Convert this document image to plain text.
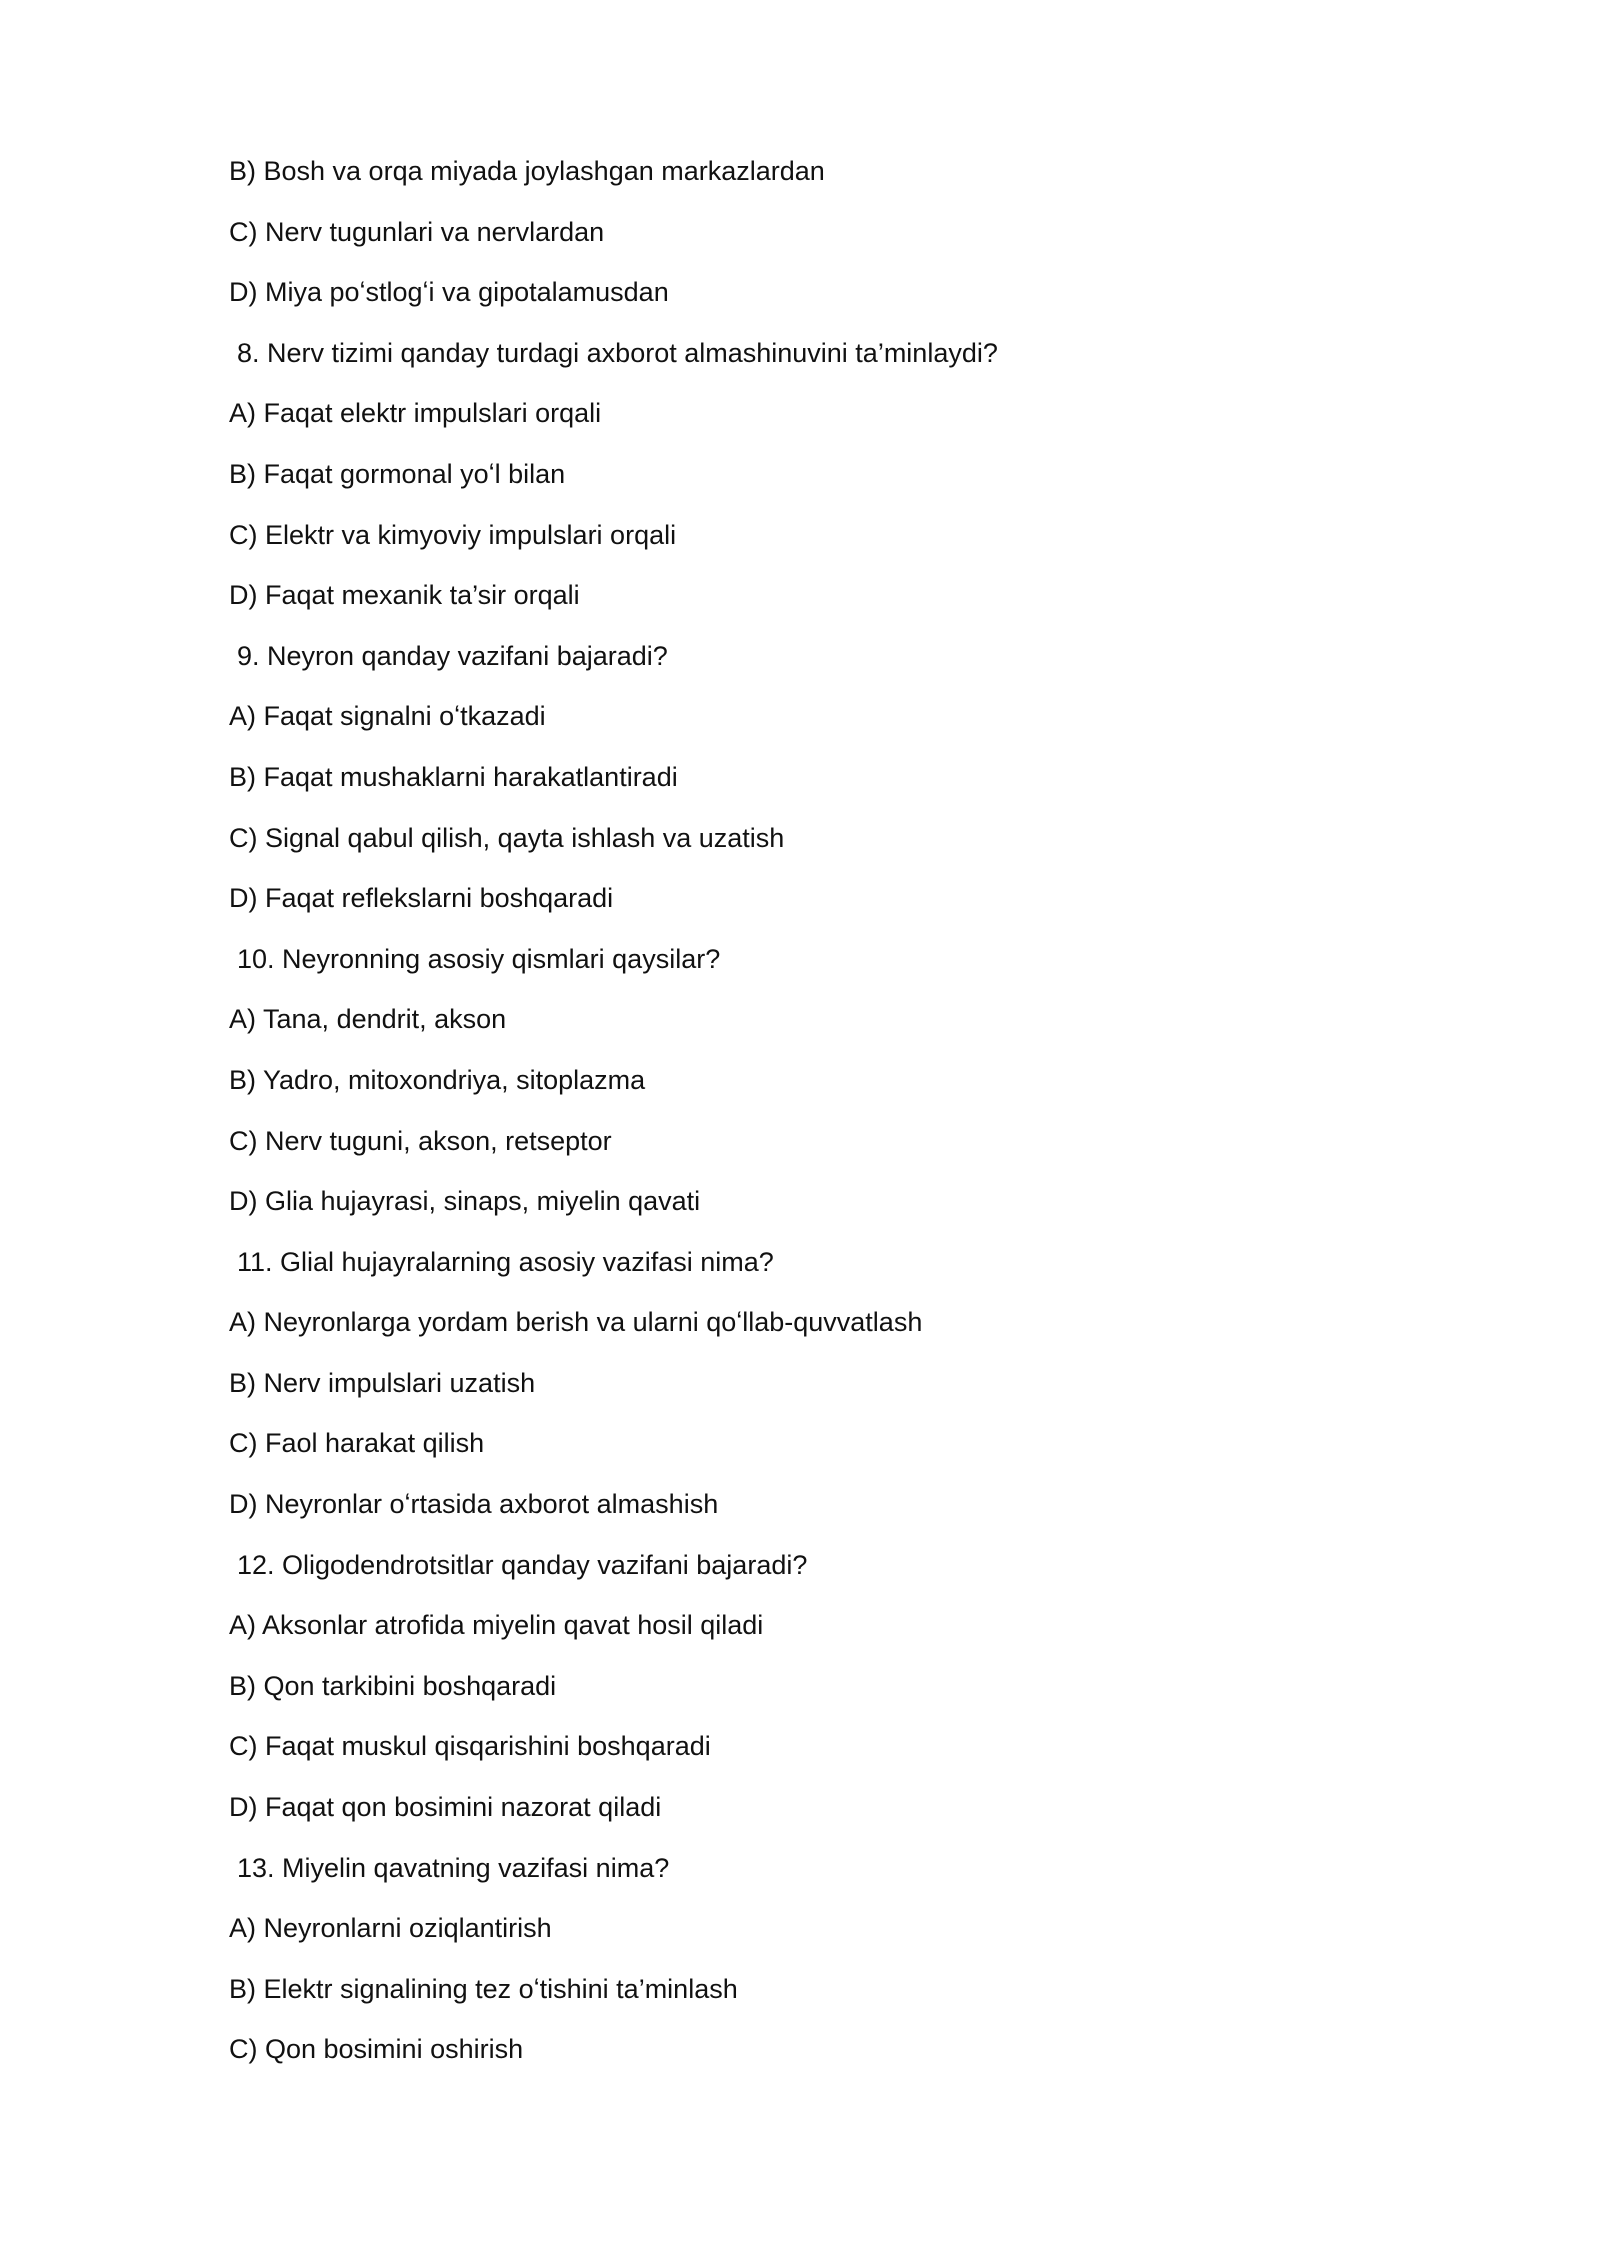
B) Bosh va orqa miyada joylashgan markazlardan
C) Nerv tugunlari va nervlardan
D) Miya poʻstlogʻi va gipotalamusdan
8. Nerv tizimi qanday turdagi axborot almashinuvini ta’minlaydi?
A) Faqat elektr impulslari orqali
B) Faqat gormonal yoʻl bilan
C) Elektr va kimyoviy impulslari orqali
D) Faqat mexanik ta’sir orqali
9. Neyron qanday vazifani bajaradi?
A) Faqat signalni oʻtkazadi
B) Faqat mushaklarni harakatlantiradi
C) Signal qabul qilish, qayta ishlash va uzatish
D) Faqat reflekslarni boshqaradi
10. Neyronning asosiy qismlari qaysilar?
A) Tana, dendrit, akson
B) Yadro, mitoxondriya, sitoplazma
C) Nerv tuguni, akson, retseptor
D) Glia hujayrasi, sinaps, miyelin qavati
11. Glial hujayralarning asosiy vazifasi nima?
A) Neyronlarga yordam berish va ularni qoʻllab-quvvatlash
B) Nerv impulslari uzatish
C) Faol harakat qilish
D) Neyronlar oʻrtasida axborot almashish
12. Oligodendrotsitlar qanday vazifani bajaradi?
A) Aksonlar atrofida miyelin qavat hosil qiladi
B) Qon tarkibini boshqaradi
C) Faqat muskul qisqarishini boshqaradi
D) Faqat qon bosimini nazorat qiladi
13. Miyelin qavatning vazifasi nima?
A) Neyronlarni oziqlantirish
B) Elektr signalining tez oʻtishini ta’minlash
C) Qon bosimini oshirish
